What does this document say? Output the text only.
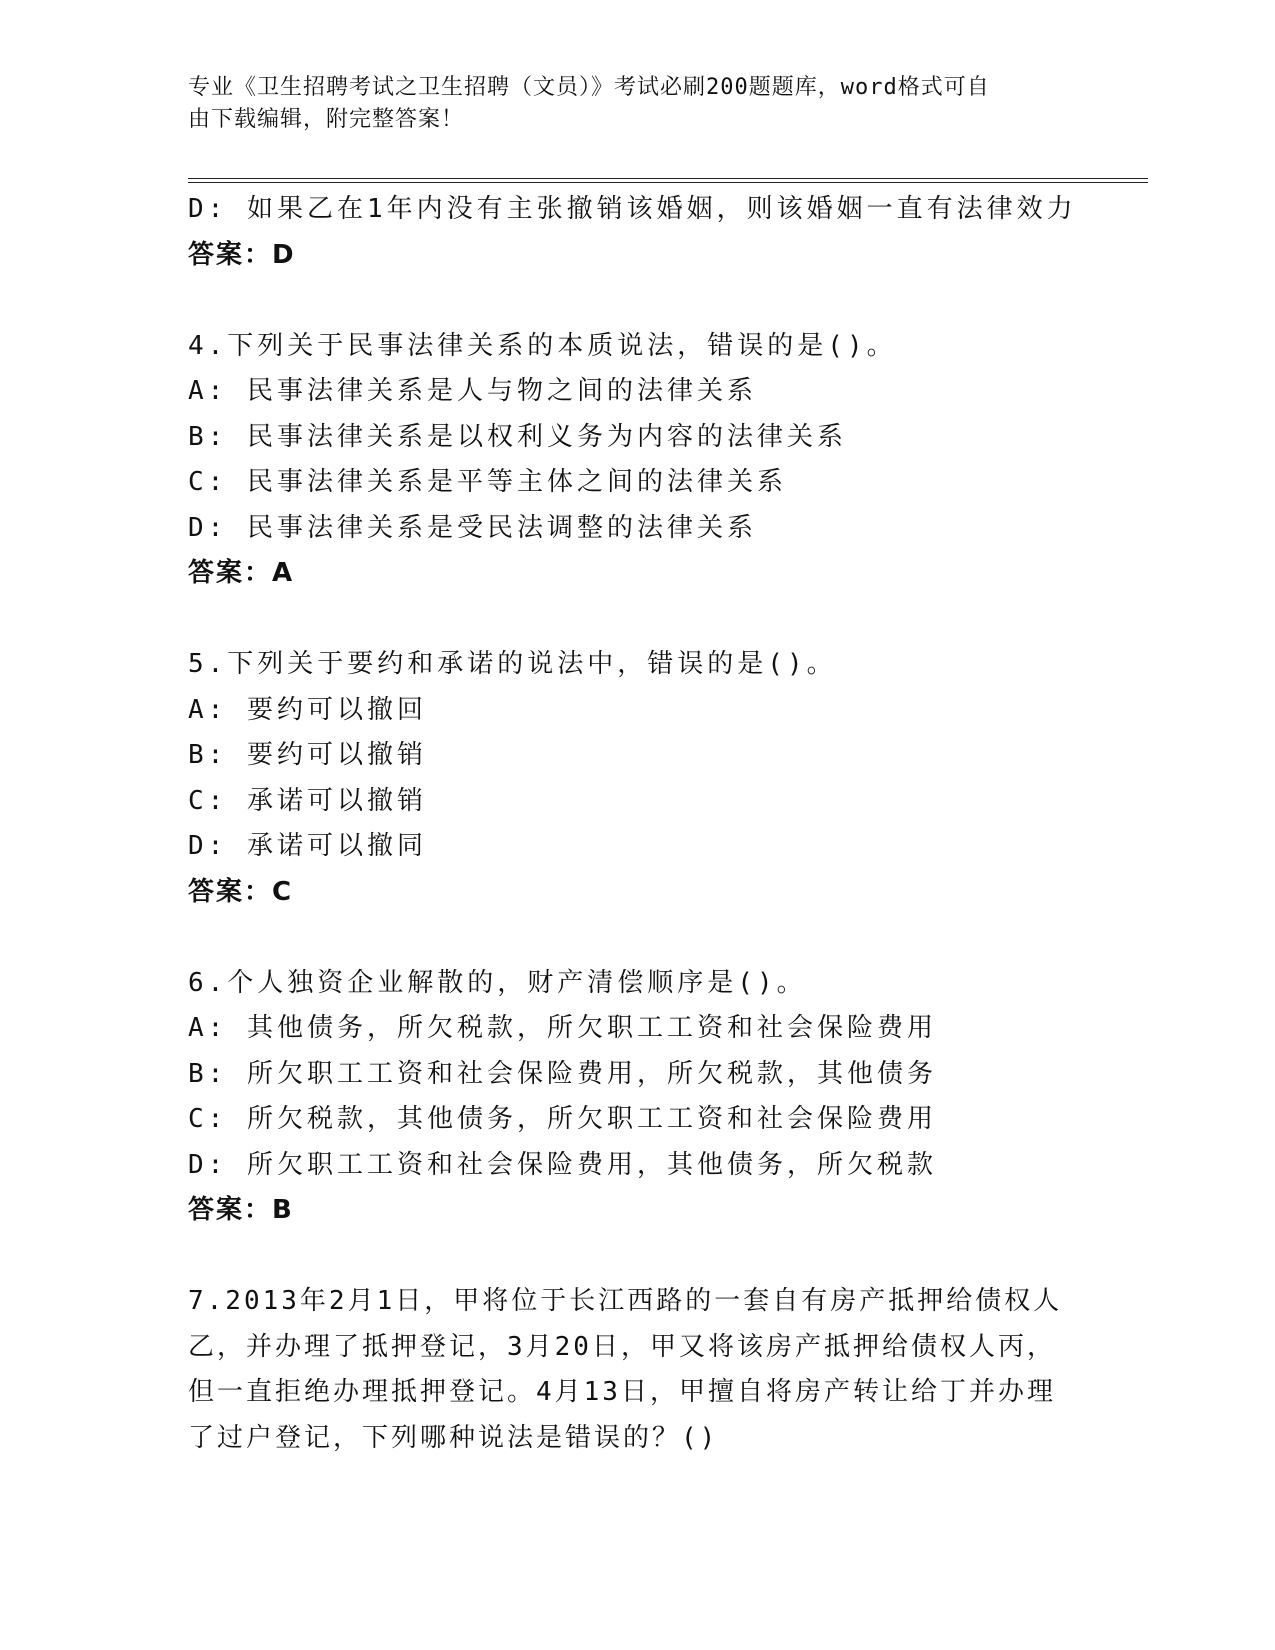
专业《卫生招聘考试之卫生招聘（文员）》考试必刷200题题库，word格式可自
由下载编辑，附完整答案！
D: 如果乙在1年内没有主张撤销该婚姻，则该婚姻一直有法律效力
答案：D
4.下列关于民事法律关系的本质说法，错误的是()。
A: 民事法律关系是人与物之间的法律关系
B: 民事法律关系是以权利义务为内容的法律关系
C: 民事法律关系是平等主体之间的法律关系
D: 民事法律关系是受民法调整的法律关系
答案：A
5.下列关于要约和承诺的说法中，错误的是()。
A: 要约可以撤回
B: 要约可以撤销
C: 承诺可以撤销
D: 承诺可以撤同
答案：C
6.个人独资企业解散的，财产清偿顺序是()。
A: 其他债务，所欠税款，所欠职工工资和社会保险费用
B: 所欠职工工资和社会保险费用，所欠税款，其他债务
C: 所欠税款，其他债务，所欠职工工资和社会保险费用
D: 所欠职工工资和社会保险费用，其他债务，所欠税款
答案：B
7.2013年2月1日，甲将位于长江西路的一套自有房产抵押给债权人
乙，并办理了抵押登记，3月20日，甲又将该房产抵押给债权人丙，
但一直拒绝办理抵押登记。4月13日，甲擅自将房产转让给丁并办理
了过户登记，下列哪种说法是错误的？()
